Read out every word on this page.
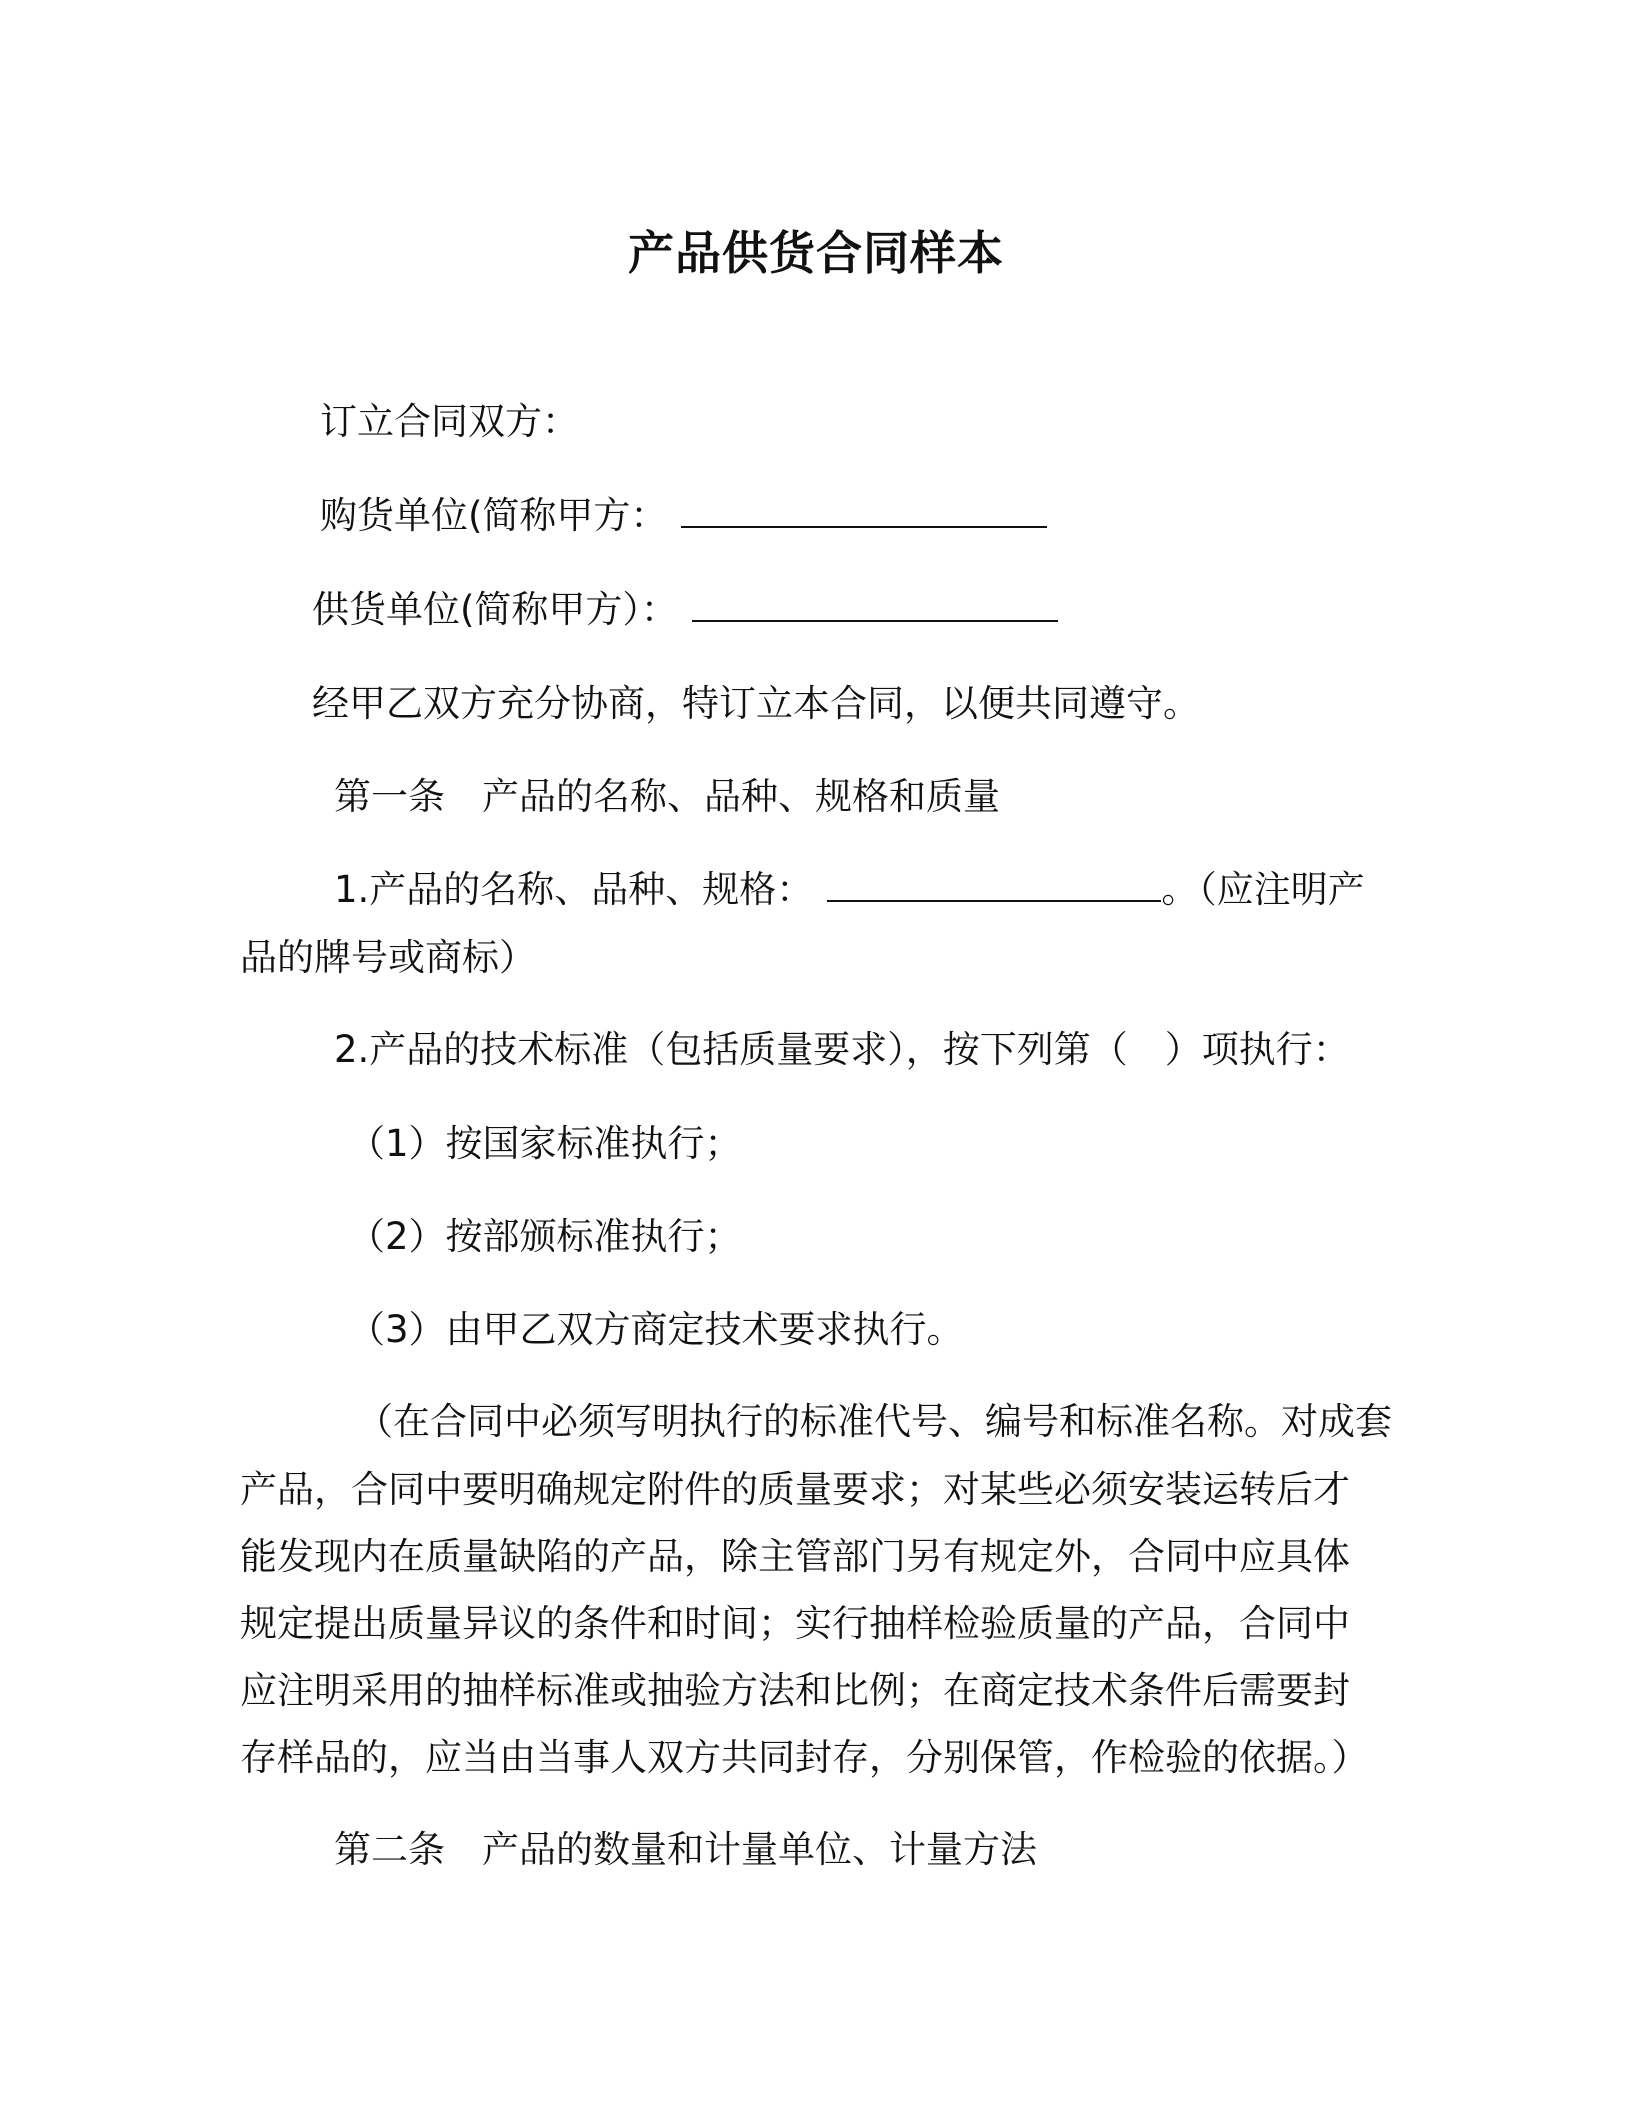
产品供货合同样本

订立合同双方：

购货单位(简称甲方：

供货单位(简称甲方）：

经甲乙双方充分协商，特订立本合同，以便共同遵守。

第一条　产品的名称、品种、规格和质量

1.产品的名称、品种、规格：	。（应注明产

品的牌号或商标）

2.产品的技术标准（包括质量要求），按下列第（　）项执行：

（1）按国家标准执行；

（2）按部颁标准执行；

（3）由甲乙双方商定技术要求执行。

（在合同中必须写明执行的标准代号、编号和标准名称。对成套

产品，合同中要明确规定附件的质量要求；对某些必须安装运转后才

能发现内在质量缺陷的产品，除主管部门另有规定外，合同中应具体

规定提出质量异议的条件和时间；实行抽样检验质量的产品，合同中

应注明采用的抽样标准或抽验方法和比例；在商定技术条件后需要封

存样品的，应当由当事人双方共同封存，分别保管，作检验的依据。）

第二条　产品的数量和计量单位、计量方法
